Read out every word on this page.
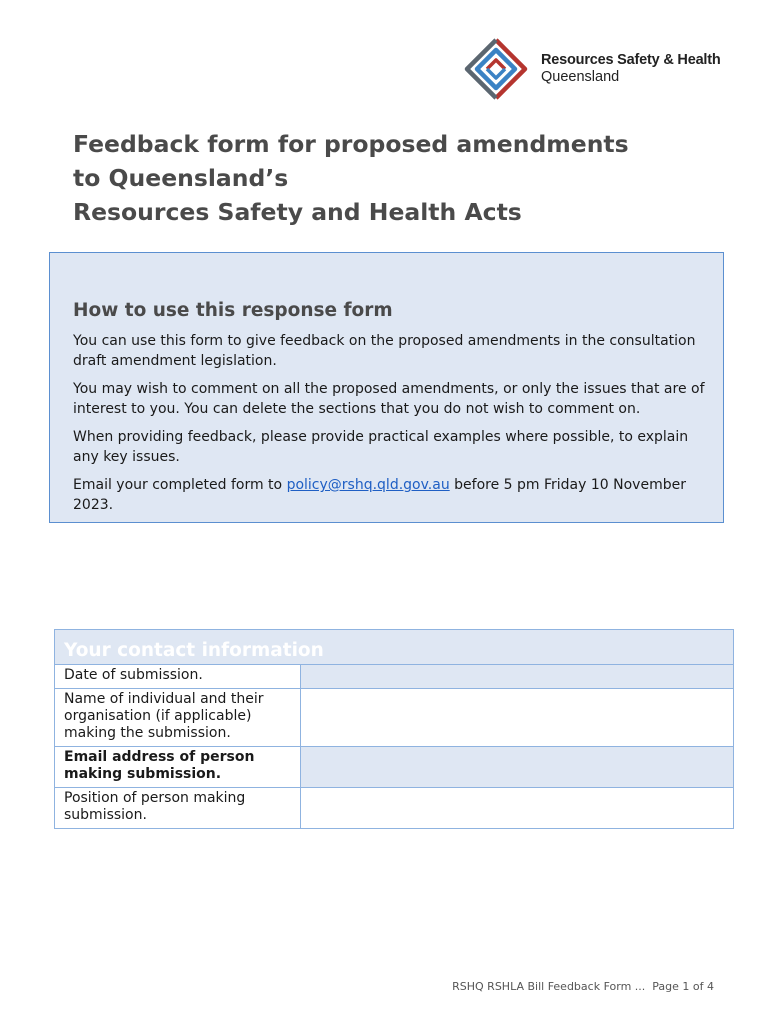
Resources Safety & Health
Queensland
Feedback form for proposed amendments
to Queensland’s
Resources Safety and Health Acts

How to use this response form

You can use this form to give feedback on the proposed amendments in the consultation draft amendment legislation.

You may wish to comment on all the proposed amendments, or only the issues that are of interest to you. You can delete the sections that you do not wish to comment on.

When providing feedback, please provide practical examples where possible, to explain any key issues.

Email your completed form to policy@rshq.qld.gov.au before 5 pm Friday 10 November 2023.

Your contact information	
Date of submission.	
Name of individual and their organisation (if applicable) making the submission.	
Email address of person making submission.	
Position of person making submission.	
RSHQ RSHLA Bill Feedback Form ... Page 1 of 4
